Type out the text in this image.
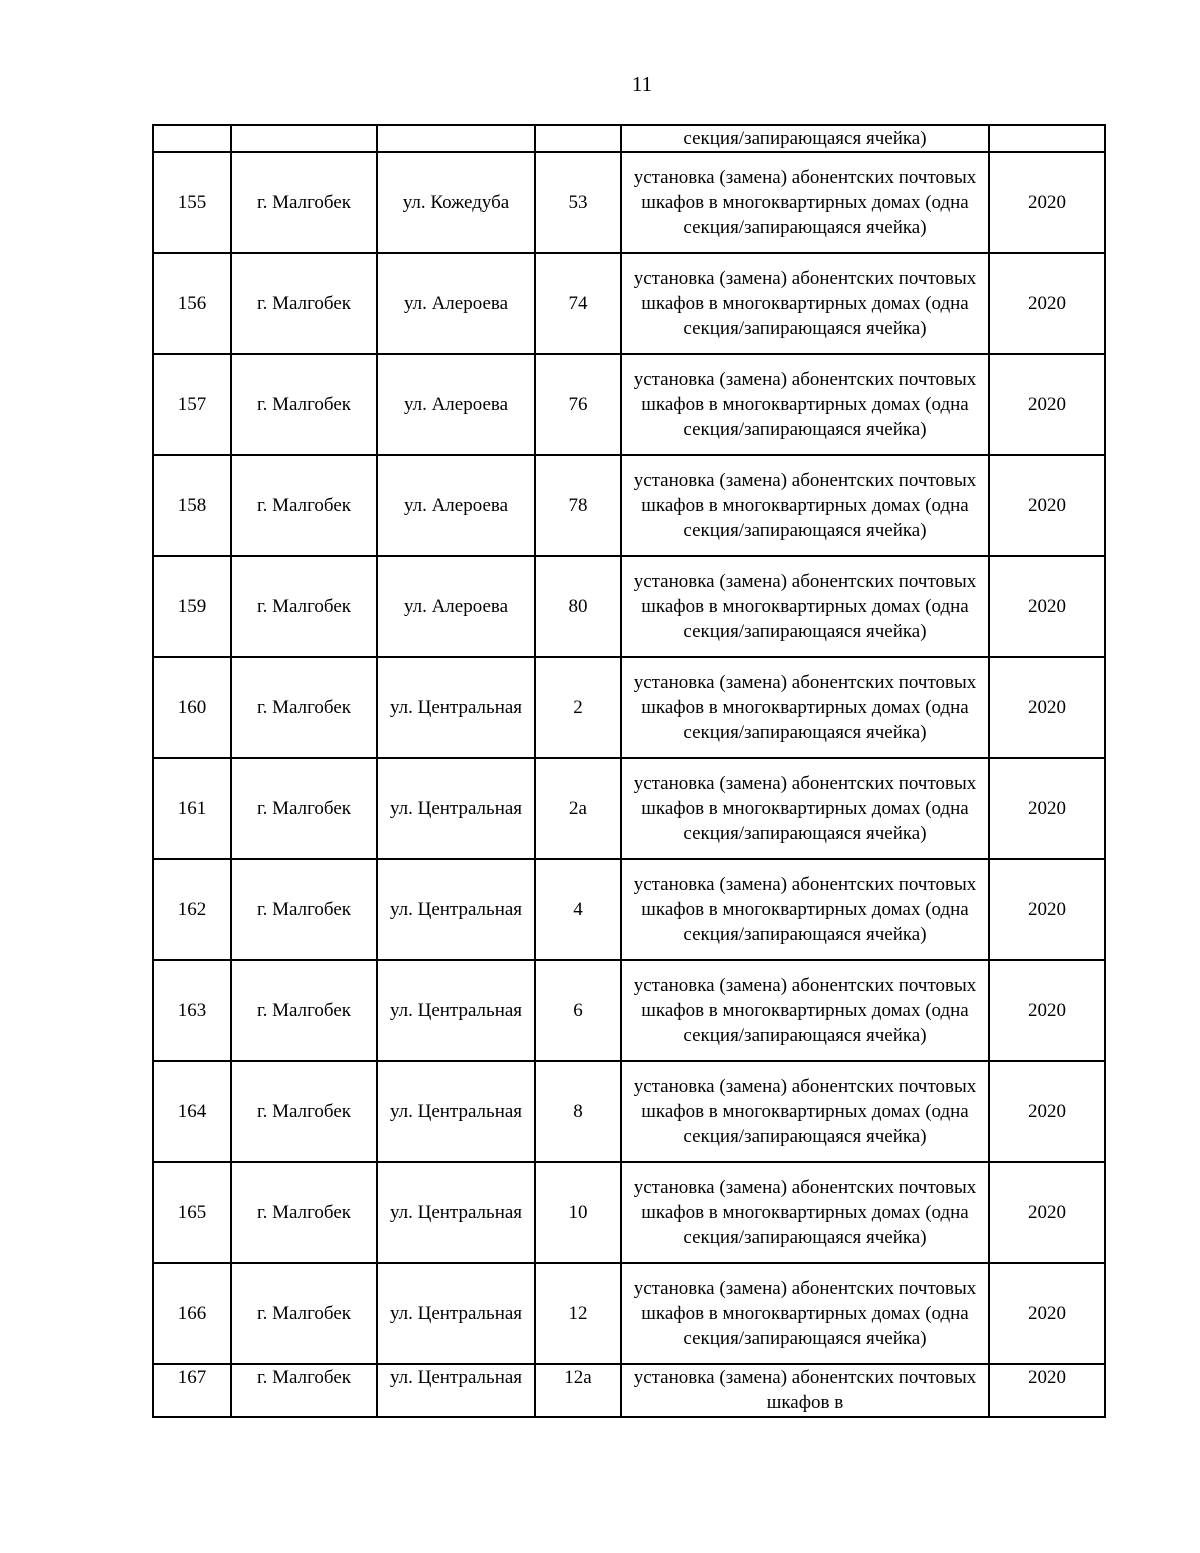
11
				секция/запирающаяся ячейка)	
155	г. Малгобек	ул. Кожедуба	53	установка (замена) абонентских почтовых шкафов в многоквартирных домах (одна секция/запирающаяся ячейка)	2020
156	г. Малгобек	ул. Алероева	74	установка (замена) абонентских почтовых шкафов в многоквартирных домах (одна секция/запирающаяся ячейка)	2020
157	г. Малгобек	ул. Алероева	76	установка (замена) абонентских почтовых шкафов в многоквартирных домах (одна секция/запирающаяся ячейка)	2020
158	г. Малгобек	ул. Алероева	78	установка (замена) абонентских почтовых шкафов в многоквартирных домах (одна секция/запирающаяся ячейка)	2020
159	г. Малгобек	ул. Алероева	80	установка (замена) абонентских почтовых шкафов в многоквартирных домах (одна секция/запирающаяся ячейка)	2020
160	г. Малгобек	ул. Центральная	2	установка (замена) абонентских почтовых шкафов в многоквартирных домах (одна секция/запирающаяся ячейка)	2020
161	г. Малгобек	ул. Центральная	2а	установка (замена) абонентских почтовых шкафов в многоквартирных домах (одна секция/запирающаяся ячейка)	2020
162	г. Малгобек	ул. Центральная	4	установка (замена) абонентских почтовых шкафов в многоквартирных домах (одна секция/запирающаяся ячейка)	2020
163	г. Малгобек	ул. Центральная	6	установка (замена) абонентских почтовых шкафов в многоквартирных домах (одна секция/запирающаяся ячейка)	2020
164	г. Малгобек	ул. Центральная	8	установка (замена) абонентских почтовых шкафов в многоквартирных домах (одна секция/запирающаяся ячейка)	2020
165	г. Малгобек	ул. Центральная	10	установка (замена) абонентских почтовых шкафов в многоквартирных домах (одна секция/запирающаяся ячейка)	2020
166	г. Малгобек	ул. Центральная	12	установка (замена) абонентских почтовых шкафов в многоквартирных домах (одна секция/запирающаяся ячейка)	2020
167	г. Малгобек	ул. Центральная	12а	установка (замена) абонентских почтовых шкафов в	2020
